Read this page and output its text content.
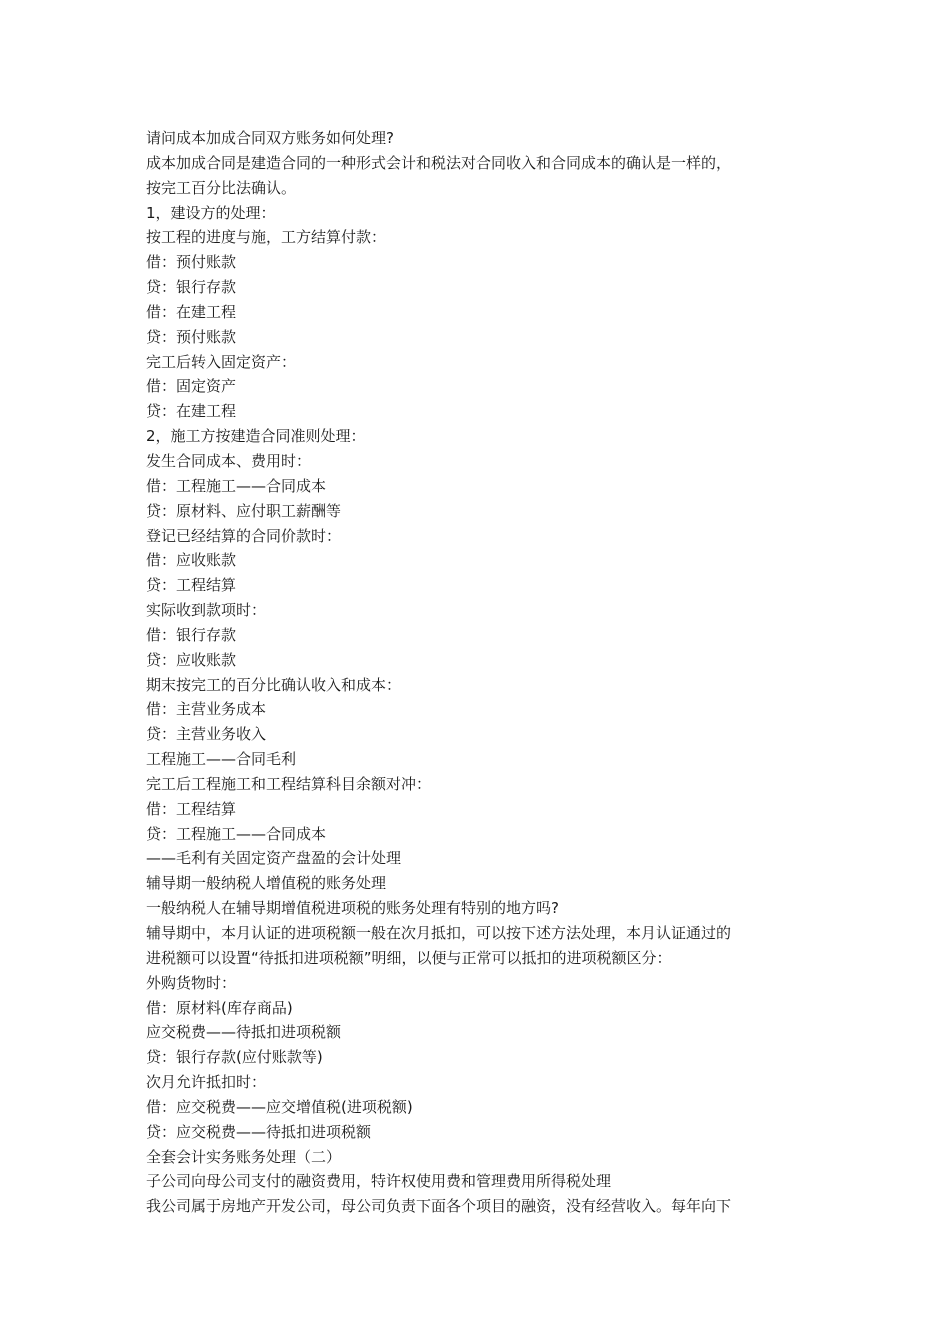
请问成本加成合同双方账务如何处理?

成本加成合同是建造合同的一种形式会计和税法对合同收入和合同成本的确认是一样的，

按完工百分比法确认。

1，建设方的处理：

按工程的进度与施，工方结算付款：

借：预付账款

贷：银行存款

借：在建工程

贷：预付账款

完工后转入固定资产：

借：固定资产

贷：在建工程

2，施工方按建造合同准则处理：

发生合同成本、费用时：

借：工程施工——合同成本

贷：原材料、应付职工薪酬等

登记已经结算的合同价款时：

借：应收账款

贷：工程结算

实际收到款项时：

借：银行存款

贷：应收账款

期末按完工的百分比确认收入和成本：

借：主营业务成本

贷：主营业务收入

工程施工——合同毛利

完工后工程施工和工程结算科目余额对冲：

借：工程结算

贷：工程施工——合同成本

——毛利有关固定资产盘盈的会计处理

辅导期一般纳税人增值税的账务处理

一般纳税人在辅导期增值税进项税的账务处理有特别的地方吗?

辅导期中，本月认证的进项税额一般在次月抵扣，可以按下述方法处理，本月认证通过的

进税额可以设置“待抵扣进项税额”明细，以便与正常可以抵扣的进项税额区分：

外购货物时：

借：原材料(库存商品)

应交税费——待抵扣进项税额

贷：银行存款(应付账款等)

次月允许抵扣时：

借：应交税费——应交增值税(进项税额)

贷：应交税费——待抵扣进项税额

全套会计实务账务处理（二）

子公司向母公司支付的融资费用，特许权使用费和管理费用所得税处理

我公司属于房地产开发公司，母公司负责下面各个项目的融资，没有经营收入。每年向下
